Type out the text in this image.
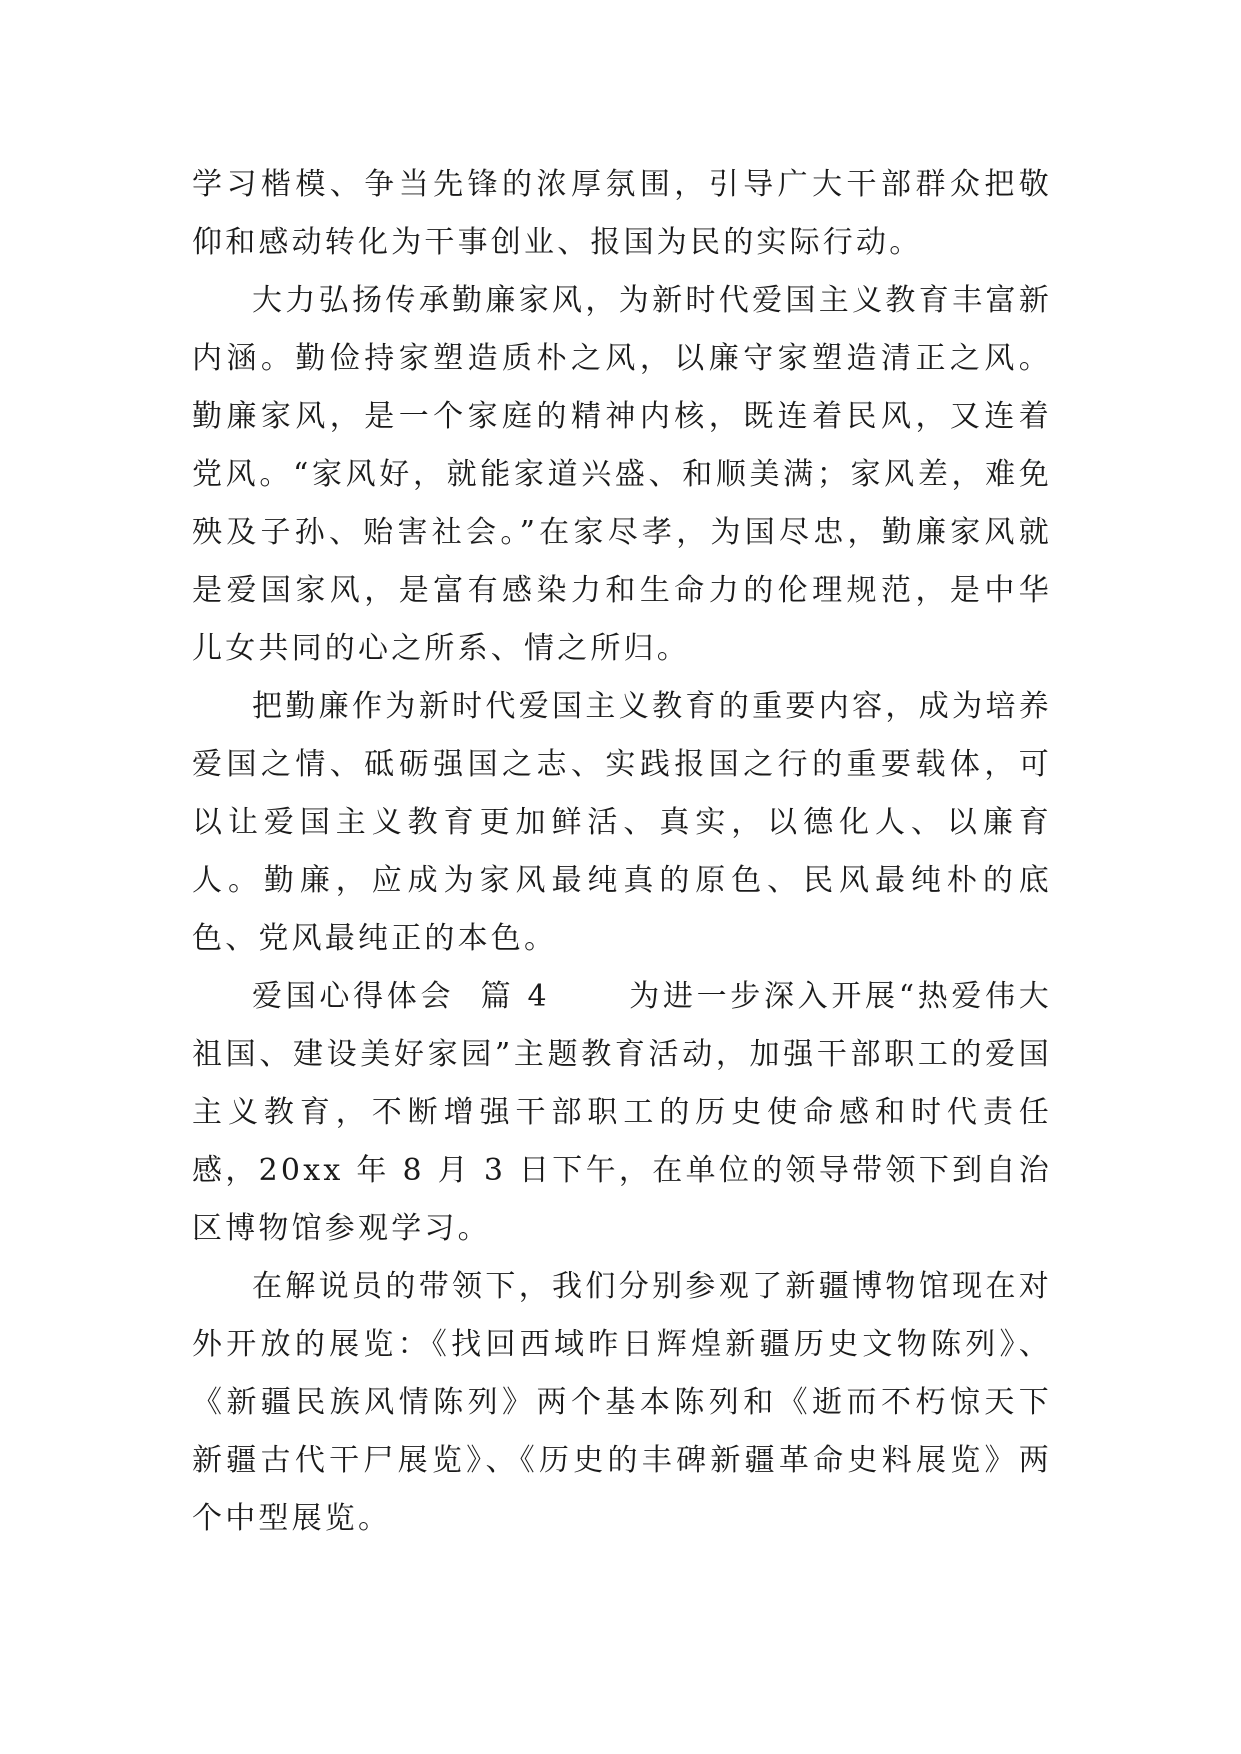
学习楷模、争当先锋的浓厚氛围，引导广大干部群众把敬仰和感动转化为干事创业、报国为民的实际行动。

大力弘扬传承勤廉家风，为新时代爱国主义教育丰富新内涵。勤俭持家塑造质朴之风，以廉守家塑造清正之风。勤廉家风，是一个家庭的精神内核，既连着民风，又连着党风。“家风好，就能家道兴盛、和顺美满；家风差，难免殃及子孙、贻害社会。”在家尽孝，为国尽忠，勤廉家风就是爱国家风，是富有感染力和生命力的伦理规范，是中华儿女共同的心之所系、情之所归。

把勤廉作为新时代爱国主义教育的重要内容，成为培养爱国之情、砥砺强国之志、实践报国之行的重要载体，可以让爱国主义教育更加鲜活、真实，以德化人、以廉育人。勤廉，应成为家风最纯真的原色、民风最纯朴的底色、党风最纯正的本色。

爱国心得体会  篇 4	为进一步深入开展“热爱伟大祖国、建设美好家园”主题教育活动，加强干部职工的爱国主义教育，不断增强干部职工的历史使命感和时代责任感，20xx 年 8 月 3 日下午，在单位的领导带领下到自治区博物馆参观学习。

在解说员的带领下，我们分别参观了新疆博物馆现在对外开放的展览：《找回西域昨日辉煌新疆历史文物陈列》、《新疆民族风情陈列》两个基本陈列和《逝而不朽惊天下新疆古代干尸展览》、《历史的丰碑新疆革命史料展览》两个中型展览。
